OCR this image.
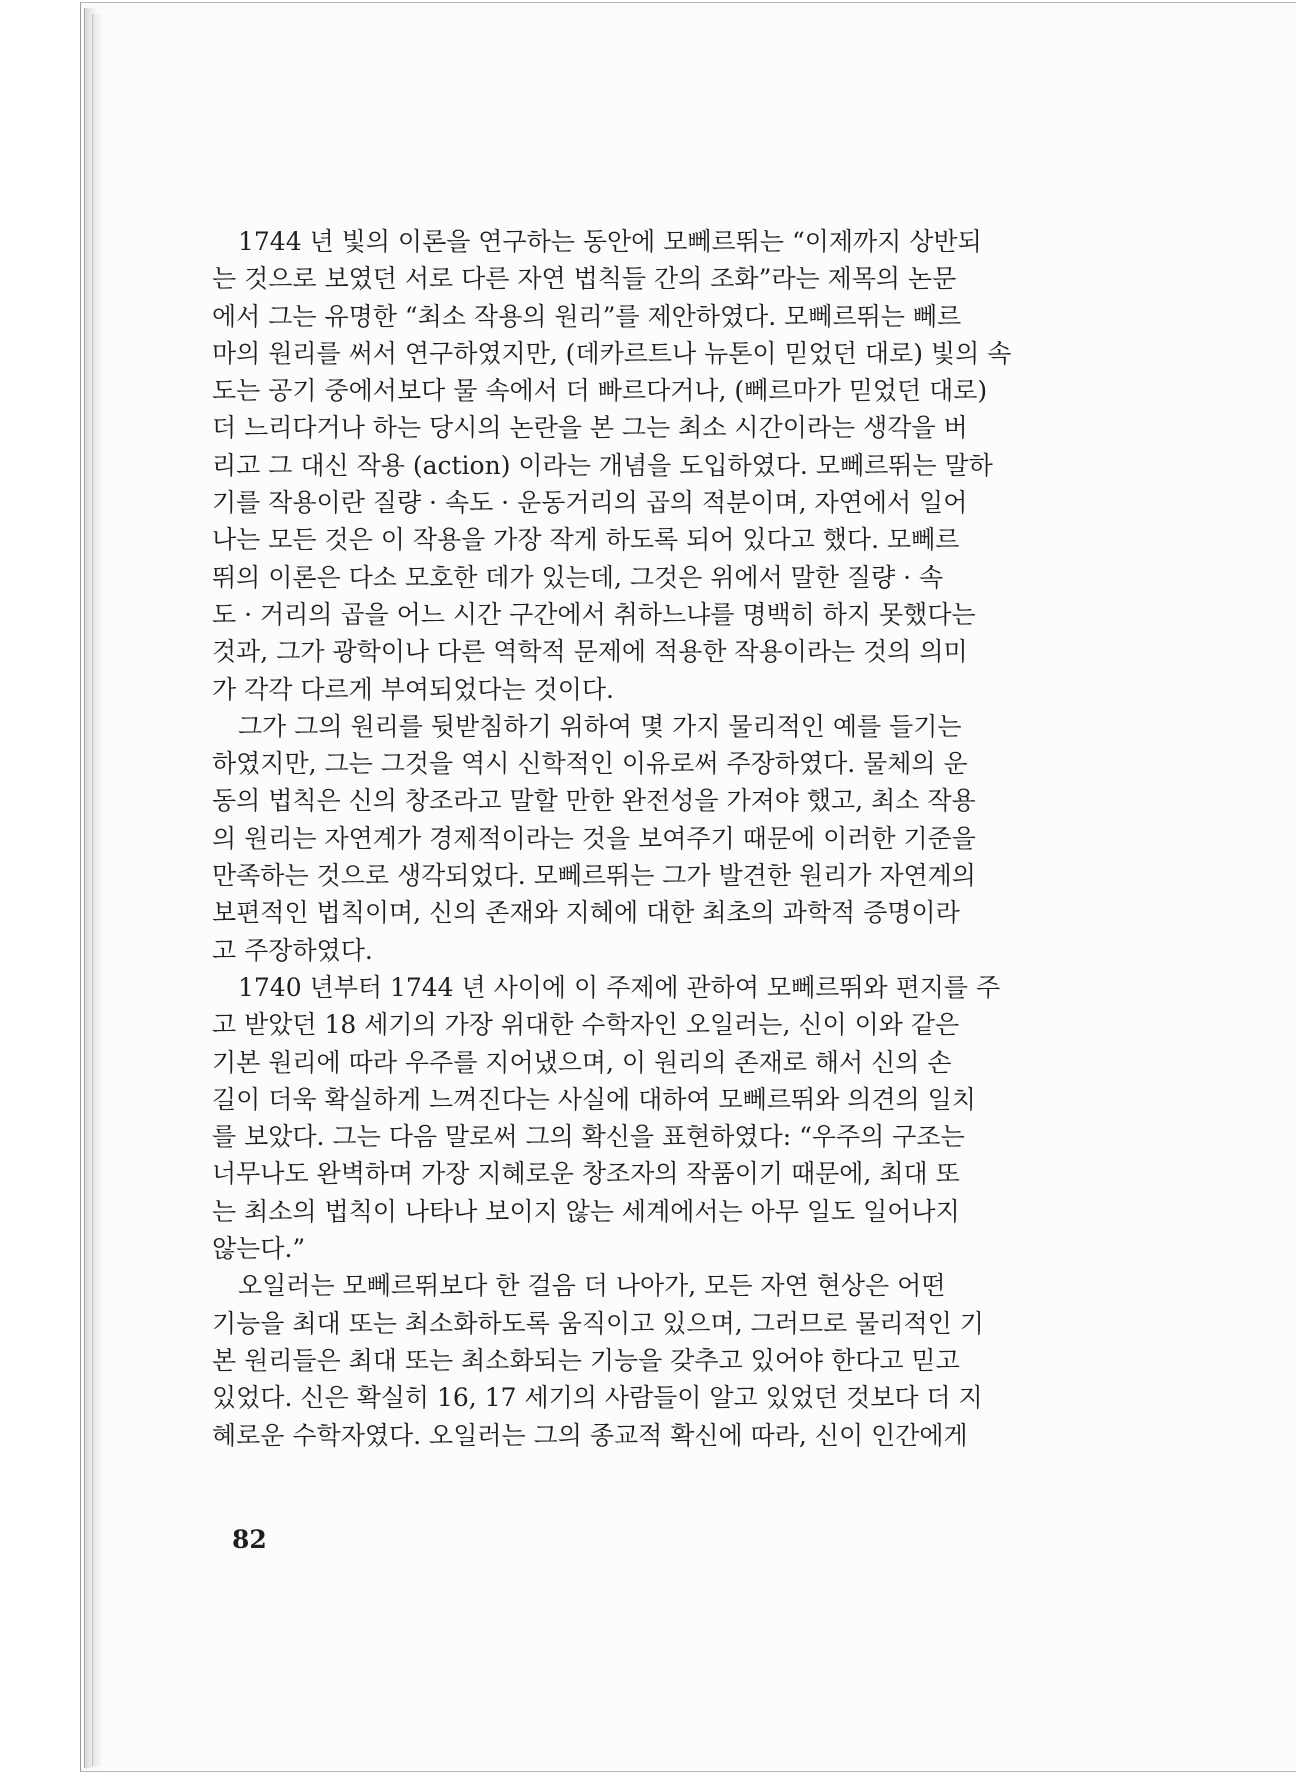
1744 년 빛의 이론을 연구하는 동안에 모뻬르뛰는 “이제까지 상반되
는 것으로 보였던 서로 다른 자연 법칙들 간의 조화”라는 제목의 논문
에서 그는 유명한 “최소 작용의 원리”를 제안하였다. 모뻬르뛰는 뻬르
마의 원리를 써서 연구하였지만, (데카르트나 뉴톤이 믿었던 대로) 빛의 속
도는 공기 중에서보다 물 속에서 더 빠르다거나, (뻬르마가 믿었던 대로)
더 느리다거나 하는 당시의 논란을 본 그는 최소 시간이라는 생각을 버
리고 그 대신 작용 (action) 이라는 개념을 도입하였다. 모뻬르뛰는 말하
기를 작용이란 질량 · 속도 · 운동거리의 곱의 적분이며, 자연에서 일어
나는 모든 것은 이 작용을 가장 작게 하도록 되어 있다고 했다. 모뻬르
뛰의 이론은 다소 모호한 데가 있는데, 그것은 위에서 말한 질량 · 속
도 · 거리의 곱을 어느 시간 구간에서 취하느냐를 명백히 하지 못했다는
것과, 그가 광학이나 다른 역학적 문제에 적용한 작용이라는 것의 의미
가 각각 다르게 부여되었다는 것이다.
그가 그의 원리를 뒷받침하기 위하여 몇 가지 물리적인 예를 들기는
하였지만, 그는 그것을 역시 신학적인 이유로써 주장하였다. 물체의 운
동의 법칙은 신의 창조라고 말할 만한 완전성을 가져야 했고, 최소 작용
의 원리는 자연계가 경제적이라는 것을 보여주기 때문에 이러한 기준을
만족하는 것으로 생각되었다. 모뻬르뛰는 그가 발견한 원리가 자연계의
보편적인 법칙이며, 신의 존재와 지혜에 대한 최초의 과학적 증명이라
고 주장하였다.
1740 년부터 1744 년 사이에 이 주제에 관하여 모뻬르뛰와 편지를 주
고 받았던 18 세기의 가장 위대한 수학자인 오일러는, 신이 이와 같은
기본 원리에 따라 우주를 지어냈으며, 이 원리의 존재로 해서 신의 손
길이 더욱 확실하게 느껴진다는 사실에 대하여 모뻬르뛰와 의견의 일치
를 보았다. 그는 다음 말로써 그의 확신을 표현하였다: “우주의 구조는
너무나도 완벽하며 가장 지혜로운 창조자의 작품이기 때문에, 최대 또
는 최소의 법칙이 나타나 보이지 않는 세계에서는 아무 일도 일어나지
않는다.”
오일러는 모뻬르뛰보다 한 걸음 더 나아가, 모든 자연 현상은 어떤
기능을 최대 또는 최소화하도록 움직이고 있으며, 그러므로 물리적인 기
본 원리들은 최대 또는 최소화되는 기능을 갖추고 있어야 한다고 믿고
있었다. 신은 확실히 16, 17 세기의 사람들이 알고 있었던 것보다 더 지
혜로운 수학자였다. 오일러는 그의 종교적 확신에 따라, 신이 인간에게
82
